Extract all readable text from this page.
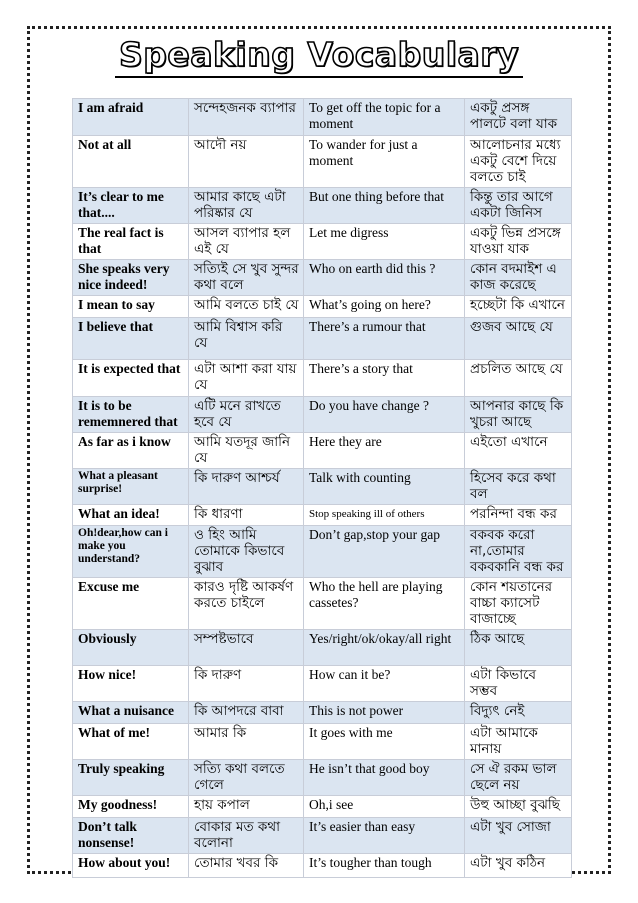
Speaking Vocabulary
I am afraid	সন্দেহজনক ব্যাপার	To get off the topic for a moment	একটু প্রসঙ্গ পালটে বলা যাক
Not at all	আদৌ নয়	To wander for just a moment	আলোচনার মধ্যে একটু বেশে দিয়ে বলতে চাই
It’s clear to me that....	আমার কাছে এটা পরিষ্কার যে	But one thing before that	কিন্তু তার আগে একটা জিনিস
The real fact is that	আসল ব্যাপার হল এই যে	Let me digress	একটু ভিন্ন প্রসঙ্গে যাওয়া যাক
She speaks very nice indeed!	সত্যিই সে খুব সুন্দর কথা বলে	Who on earth did this ?	কোন বদমাইশ এ কাজ করেছে
I mean to say	আমি বলতে চাই যে	What’s going on here?	হচ্ছেটা কি এখানে
I believe that	আমি বিশ্বাস করি যে	There’s a rumour that	গুজব আছে যে
It is expected that	এটা আশা করা যায় যে	There’s a story that	প্রচলিত আছে যে
It is to be rememnered that	এটি মনে রাখতে হবে যে	Do you have change ?	আপনার কাছে কি খুচরা আছে
As far as i know	আমি যতদূর জানি যে	Here they are	এইতো এখানে
What a pleasant surprise!	কি দারুণ আশ্চর্য	Talk with counting	হিসেব করে কথা বল
What an idea!	কি ধারণা	Stop speaking ill of others	পরনিন্দা বন্ধ কর
Oh!dear,how can i make you understand?	ও হিং আমি তোমাকে কিভাবে বুঝাব	Don’t gap,stop your gap	বকবক করো না,তোমার বকবকানি বন্ধ কর
Excuse me	কারও দৃষ্টি আকর্ষণ করতে চাইলে	Who the hell are playing cassetes?	কোন শয়তানের বাচ্চা ক্যাসেট বাজাচ্ছে
Obviously	সম্পষ্টভাবে	Yes/right/ok/okay/all right	ঠিক আছে
How nice!	কি দারুণ	How can it be?	এটা কিভাবে সম্ভব
What a nuisance	কি আপদরে বাবা	This is not power	বিদ্যুৎ নেই
What of me!	আমার কি	It goes with me	এটা আমাকে মানায়
Truly speaking	সত্যি কথা বলতে গেলে	He isn’t that good boy	সে ঐ রকম ভাল ছেলে নয়
My goodness!	হায় কপাল	Oh,i see	উহু আচ্ছা বুঝছি
Don’t talk nonsense!	বোকার মত কথা বলোনা	It’s easier than easy	এটা খুব সোজা
How about you!	তোমার খবর কি	It’s tougher than tough	এটা খুব কঠিন
